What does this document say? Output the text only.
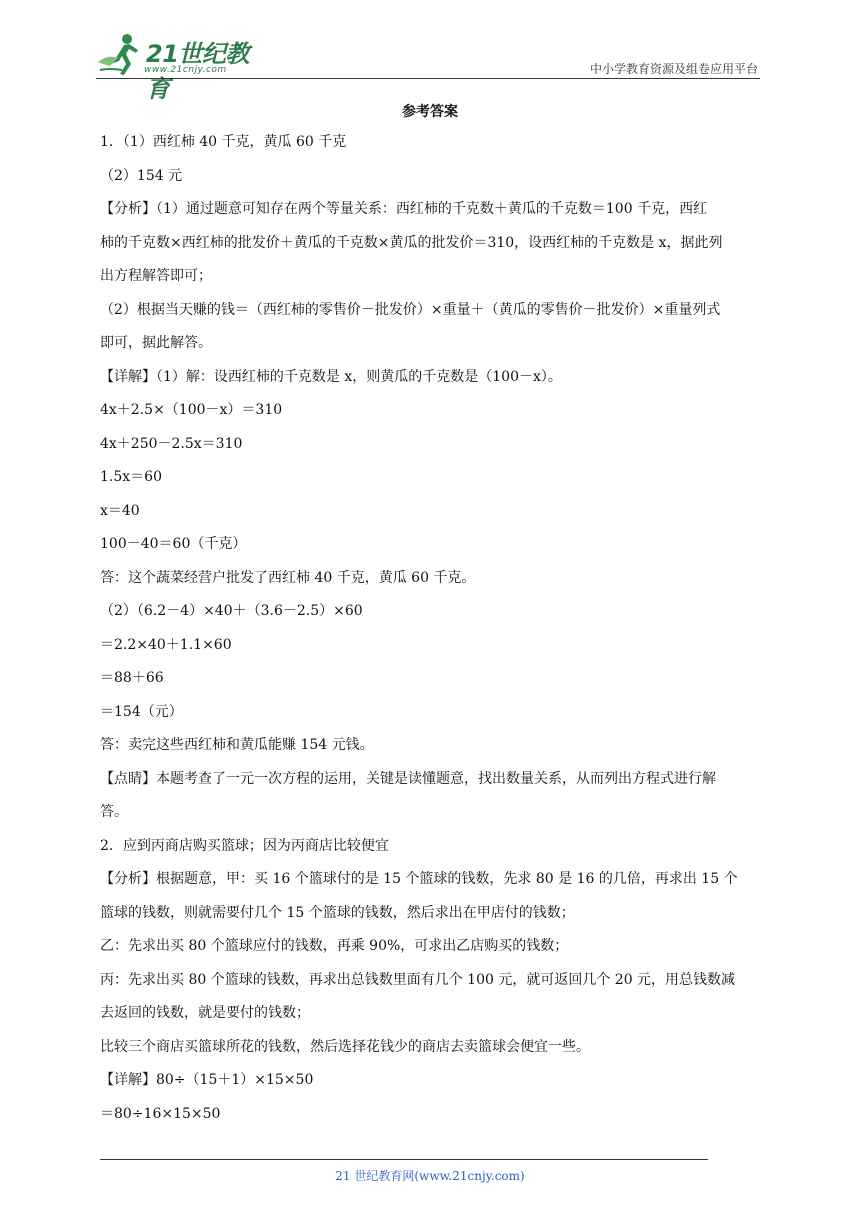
21世纪教育
www.21cnjy.com	中小学教育资源及组卷应用平台
参考答案
1．（1）西红柿 40 千克，黄瓜 60 千克
（2）154 元
【分析】（1）通过题意可知存在两个等量关系：西红柿的千克数＋黄瓜的千克数＝100 千克，西红
柿的千克数×西红柿的批发价＋黄瓜的千克数×黄瓜的批发价＝310，设西红柿的千克数是 x，据此列
出方程解答即可；
（2）根据当天赚的钱＝（西红柿的零售价－批发价）×重量＋（黄瓜的零售价－批发价）×重量列式
即可，据此解答。
【详解】（1）解：设西红柿的千克数是 x，则黄瓜的千克数是（100－x）。
4x＋2.5×（100－x）＝310
4x＋250－2.5x＝310
1.5x＝60
x＝40
100－40＝60（千克）
答：这个蔬菜经营户批发了西红柿 40 千克，黄瓜 60 千克。
（2）（6.2－4）×40＋（3.6－2.5）×60
＝2.2×40＋1.1×60
＝88＋66
＝154（元）
答：卖完这些西红柿和黄瓜能赚 154 元钱。
【点睛】本题考查了一元一次方程的运用，关键是读懂题意，找出数量关系，从而列出方程式进行解
答。
2．应到丙商店购买篮球；因为丙商店比较便宜
【分析】根据题意，甲：买 16 个篮球付的是 15 个篮球的钱数，先求 80 是 16 的几倍，再求出 15 个
篮球的钱数，则就需要付几个 15 个篮球的钱数，然后求出在甲店付的钱数；
乙：先求出买 80 个篮球应付的钱数，再乘 90%，可求出乙店购买的钱数；
丙：先求出买 80 个篮球的钱数，再求出总钱数里面有几个 100 元，就可返回几个 20 元，用总钱数减
去返回的钱数，就是要付的钱数；
比较三个商店买篮球所花的钱数，然后选择花钱少的商店去卖篮球会便宜一些。
【详解】80÷（15＋1）×15×50
＝80÷16×15×50
21 世纪教育网(www.21cnjy.com)
